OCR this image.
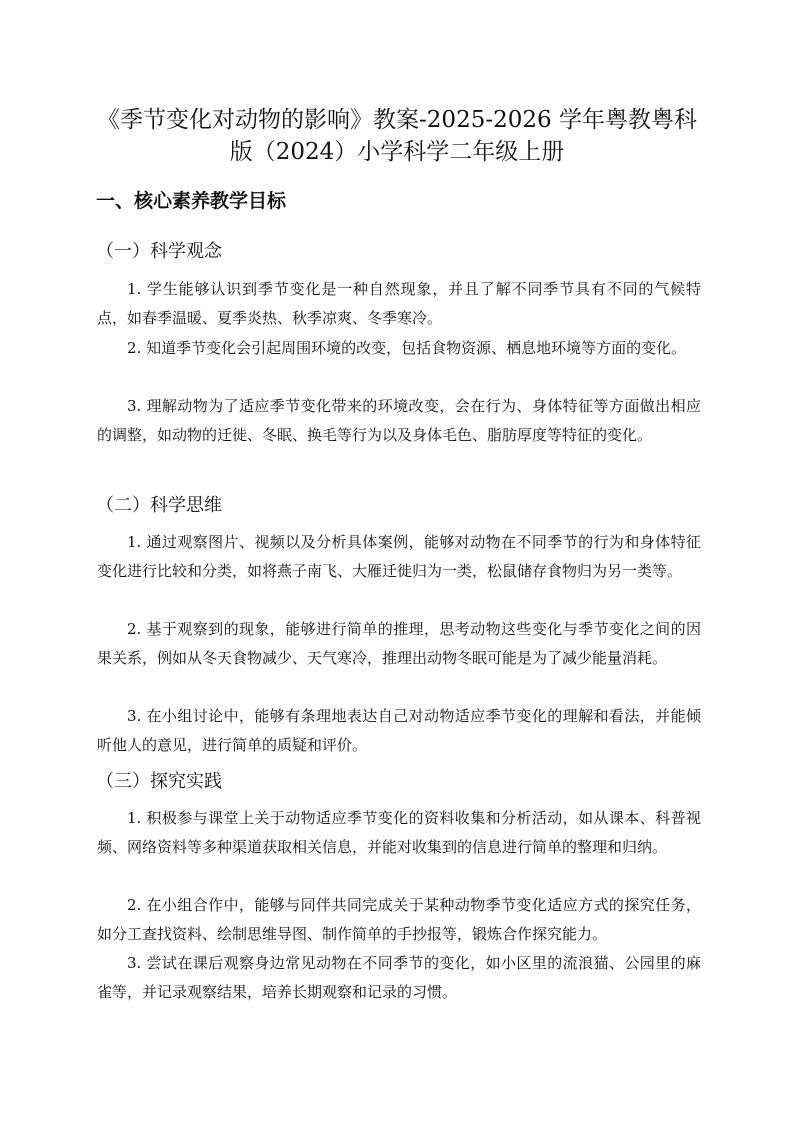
《季节变化对动物的影响》教案-2025-2026 学年粤教粤科版（2024）小学科学二年级上册
一、核心素养教学目标
（一）科学观念

1. 学生能够认识到季节变化是一种自然现象，并且了解不同季节具有不同的气候特点，如春季温暖、夏季炎热、秋季凉爽、冬季寒冷。

2. 知道季节变化会引起周围环境的改变，包括食物资源、栖息地环境等方面的变化。

3. 理解动物为了适应季节变化带来的环境改变，会在行为、身体特征等方面做出相应的调整，如动物的迁徙、冬眠、换毛等行为以及身体毛色、脂肪厚度等特征的变化。

（二）科学思维

1. 通过观察图片、视频以及分析具体案例，能够对动物在不同季节的行为和身体特征变化进行比较和分类，如将燕子南飞、大雁迁徙归为一类，松鼠储存食物归为另一类等。

2. 基于观察到的现象，能够进行简单的推理，思考动物这些变化与季节变化之间的因果关系，例如从冬天食物减少、天气寒冷，推理出动物冬眠可能是为了减少能量消耗。

3. 在小组讨论中，能够有条理地表达自己对动物适应季节变化的理解和看法，并能倾听他人的意见，进行简单的质疑和评价。

（三）探究实践

1. 积极参与课堂上关于动物适应季节变化的资料收集和分析活动，如从课本、科普视频、网络资料等多种渠道获取相关信息，并能对收集到的信息进行简单的整理和归纳。

2. 在小组合作中，能够与同伴共同完成关于某种动物季节变化适应方式的探究任务，如分工查找资料、绘制思维导图、制作简单的手抄报等，锻炼合作探究能力。

3. 尝试在课后观察身边常见动物在不同季节的变化，如小区里的流浪猫、公园里的麻雀等，并记录观察结果，培养长期观察和记录的习惯。
